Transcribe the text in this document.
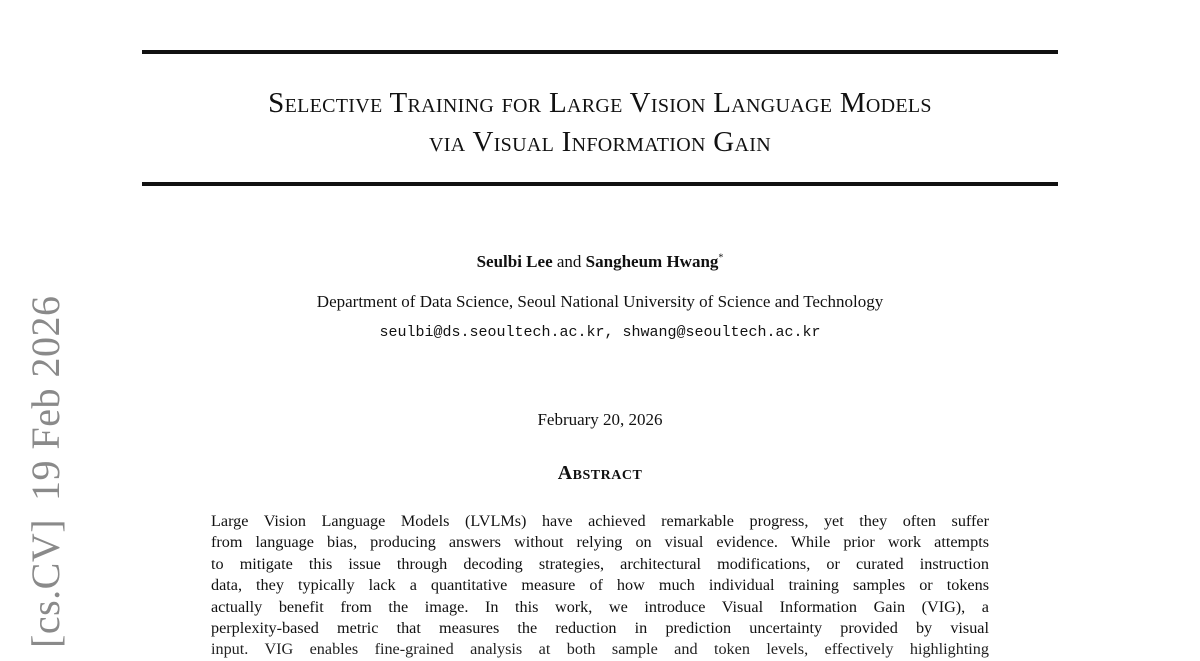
Selective Training for Large Vision Language Models
via Visual Information Gain
Seulbi Lee and Sangheum Hwang*
Department of Data Science, Seoul National University of Science and Technology
seulbi@ds.seoultech.ac.kr, shwang@seoultech.ac.kr
February 20, 2026
Abstract
Large Vision Language Models (LVLMs) have achieved remarkable progress, yet they often suffer
from language bias, producing answers without relying on visual evidence. While prior work attempts
to mitigate this issue through decoding strategies, architectural modifications, or curated instruction
data, they typically lack a quantitative measure of how much individual training samples or tokens
actually benefit from the image. In this work, we introduce Visual Information Gain (VIG), a
perplexity-based metric that measures the reduction in prediction uncertainty provided by visual
input. VIG enables fine-grained analysis at both sample and token levels, effectively highlighting
[cs.CV]19 Feb 2026
